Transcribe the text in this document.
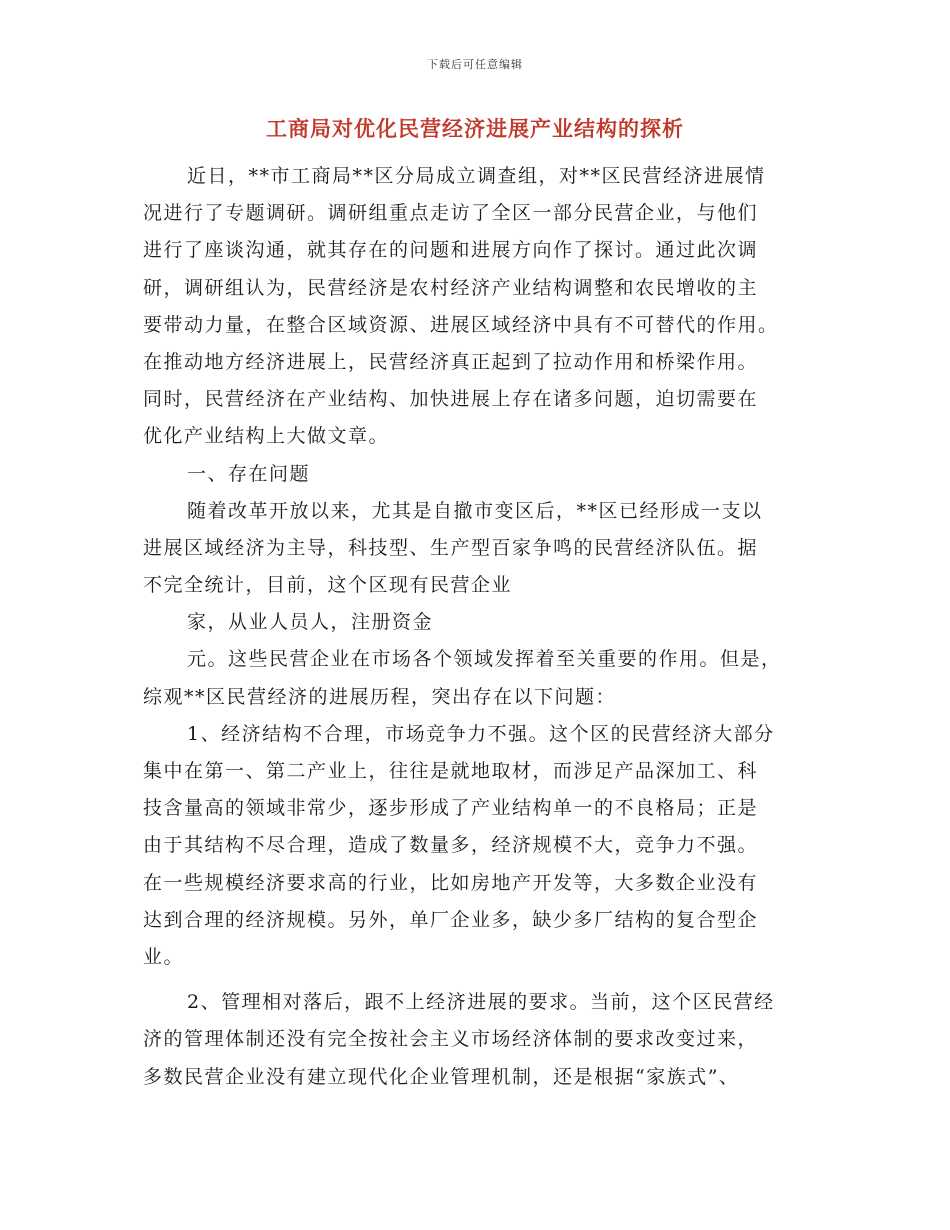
下载后可任意编辑
工商局对优化民营经济进展产业结构的探析
近日，**市工商局**区分局成立调查组，对**区民营经济进展情
况进行了专题调研。调研组重点走访了全区一部分民营企业，与他们
进行了座谈沟通，就其存在的问题和进展方向作了探讨。通过此次调
研，调研组认为，民营经济是农村经济产业结构调整和农民增收的主
要带动力量，在整合区域资源、进展区域经济中具有不可替代的作用。
在推动地方经济进展上，民营经济真正起到了拉动作用和桥梁作用。
同时，民营经济在产业结构、加快进展上存在诸多问题，迫切需要在
优化产业结构上大做文章。
一、存在问题
随着改革开放以来，尤其是自撤市变区后，**区已经形成一支以
进展区域经济为主导，科技型、生产型百家争鸣的民营经济队伍。据
不完全统计，目前，这个区现有民营企业
家，从业人员人，注册资金
元。这些民营企业在市场各个领域发挥着至关重要的作用。但是，
综观**区民营经济的进展历程，突出存在以下问题：
1、经济结构不合理，市场竞争力不强。这个区的民营经济大部分
集中在第一、第二产业上，往往是就地取材，而涉足产品深加工、科
技含量高的领域非常少，逐步形成了产业结构单一的不良格局；正是
由于其结构不尽合理，造成了数量多，经济规模不大，竞争力不强。
在一些规模经济要求高的行业，比如房地产开发等，大多数企业没有
达到合理的经济规模。另外，单厂企业多，缺少多厂结构的复合型企
业。
2、管理相对落后，跟不上经济进展的要求。当前，这个区民营经
济的管理体制还没有完全按社会主义市场经济体制的要求改变过来，
多数民营企业没有建立现代化企业管理机制，还是根据“家族式”、
